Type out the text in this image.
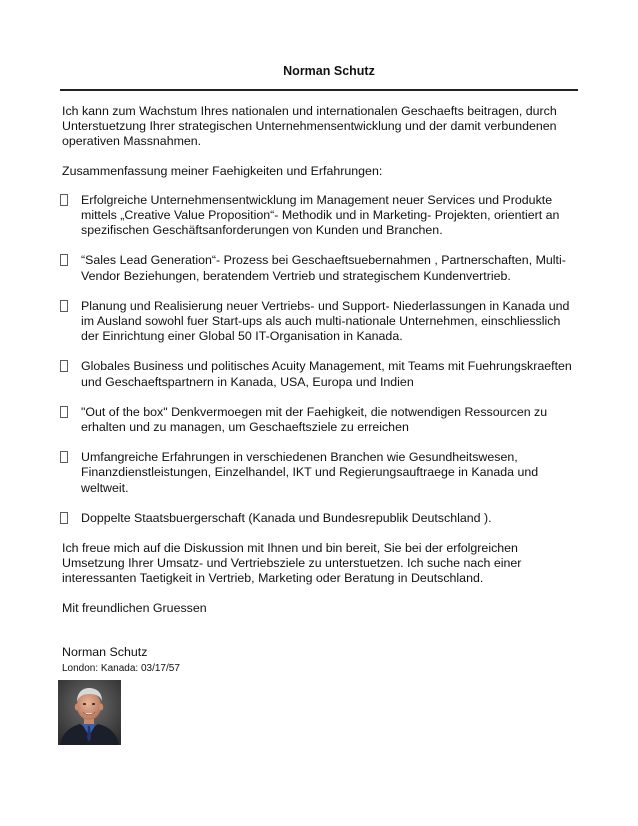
Norman Schutz

Ich kann zum Wachstum Ihres nationalen und internationalen Geschaefts beitragen, durch Unterstuetzung Ihrer strategischen Unternehmensentwicklung und der damit verbundenen operativen Massnahmen.

Zusammenfassung meiner Faehigkeiten und Erfahrungen:

Erfolgreiche Unternehmensentwicklung im Management neuer Services und Produkte mittels „Creative Value Proposition“- Methodik und in Marketing- Projekten, orientiert an spezifischen Geschäftsanforderungen von Kunden und Branchen.
“Sales Lead Generation“- Prozess bei Geschaeftsuebernahmen , Partnerschaften, Multi-Vendor Beziehungen, beratendem Vertrieb und strategischem Kundenvertrieb.
Planung und Realisierung neuer Vertriebs- und Support- Niederlassungen in Kanada und im Ausland sowohl fuer Start-ups als auch multi-nationale Unternehmen, einschliesslich der Einrichtung einer Global 50 IT-Organisation in Kanada.
Globales Business und politisches Acuity Management, mit Teams mit Fuehrungskraeften und Geschaeftspartnern in Kanada, USA, Europa und Indien
"Out of the box" Denkvermoegen mit der Faehigkeit, die notwendigen Ressourcen zu erhalten und zu managen, um Geschaeftsziele zu erreichen
Umfangreiche Erfahrungen in verschiedenen Branchen wie Gesundheitswesen, Finanzdienstleistungen, Einzelhandel, IKT und Regierungsauftraege in Kanada und weltweit.
Doppelte Staatsbuergerschaft (Kanada und Bundesrepublik Deutschland ).

Ich freue mich auf die Diskussion mit Ihnen und bin bereit, Sie bei der erfolgreichen Umsetzung Ihrer Umsatz- und Vertriebsziele zu unterstuetzen. Ich suche nach einer interessanten Taetigkeit in Vertrieb, Marketing oder Beratung in Deutschland.

Mit freundlichen Gruessen

Norman Schutz
London: Kanada: 03/17/57
